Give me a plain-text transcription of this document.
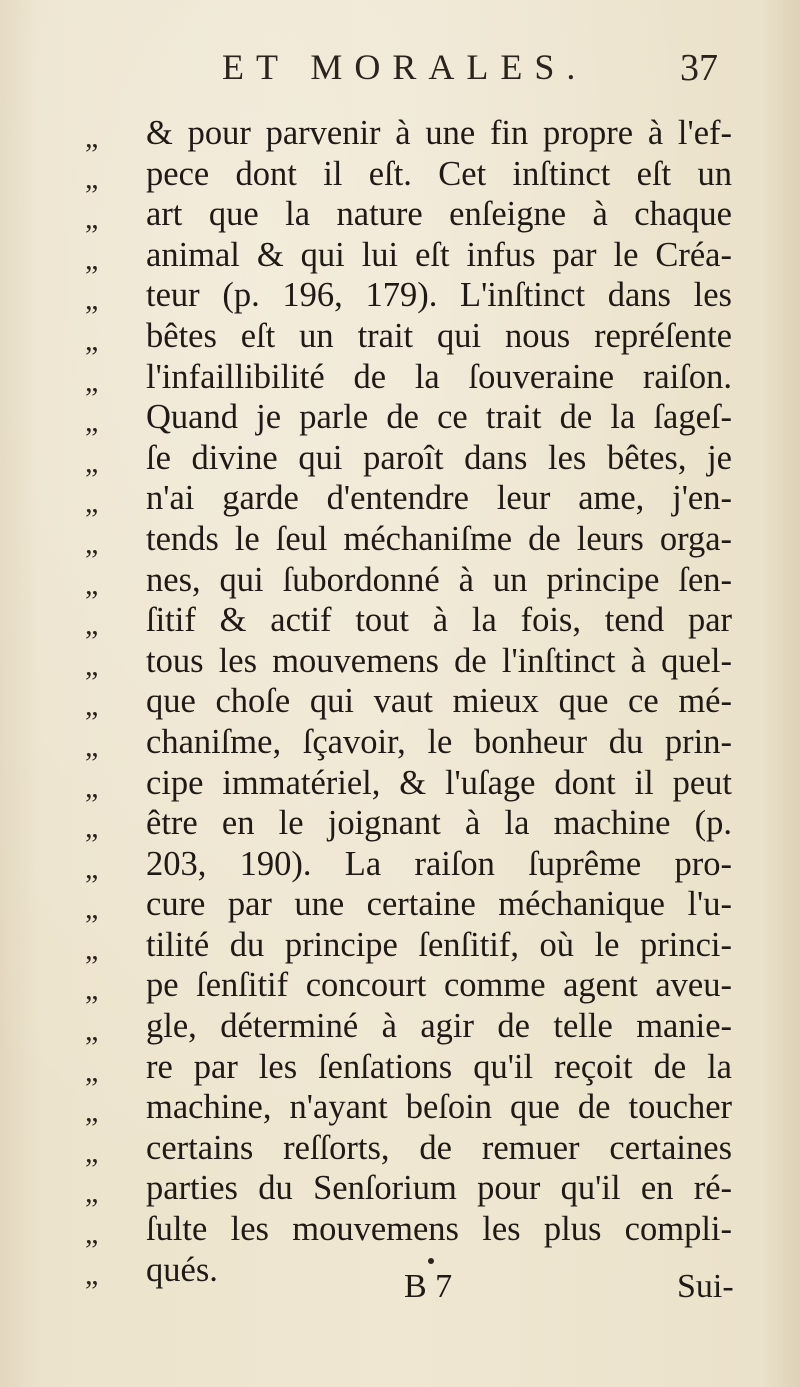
ET MORALES. 37
„ & pour parvenir à une fin propre à l'ef-
„ pece dont il eſt. Cet inſtinct eſt un
„ art que la nature enſeigne à chaque
„ animal & qui lui eſt infus par le Créa-
„ teur (p. 196, 179). L'inſtinct dans les
„ bêtes eſt un trait qui nous repréſente
„ l'infaillibilité de la ſouveraine raiſon.
„ Quand je parle de ce trait de la ſageſ-
„ ſe divine qui paroît dans les bêtes, je
„ n'ai garde d'entendre leur ame, j'en-
„ tends le ſeul méchaniſme de leurs orga-
„ nes, qui ſubordonné à un principe ſen-
„ ſitif & actif tout à la fois, tend par
„ tous les mouvemens de l'inſtinct à quel-
„ que choſe qui vaut mieux que ce mé-
„ chaniſme, ſçavoir, le bonheur du prin-
„ cipe immatériel, & l'uſage dont il peut
„ être en le joignant à la machine (p.
„ 203, 190). La raiſon ſuprême pro-
„ cure par une certaine méchanique l'u-
„ tilité du principe ſenſitif, où le princi-
„ pe ſenſitif concourt comme agent aveu-
„ gle, déterminé à agir de telle manie-
„ re par les ſenſations qu'il reçoit de la
„ machine, n'ayant beſoin que de toucher
„ certains reſſorts, de remuer certaines
„ parties du Senſorium pour qu'il en ré-
„ ſulte les mouvemens les plus compli-
„ qués.	B 7	Sui-
